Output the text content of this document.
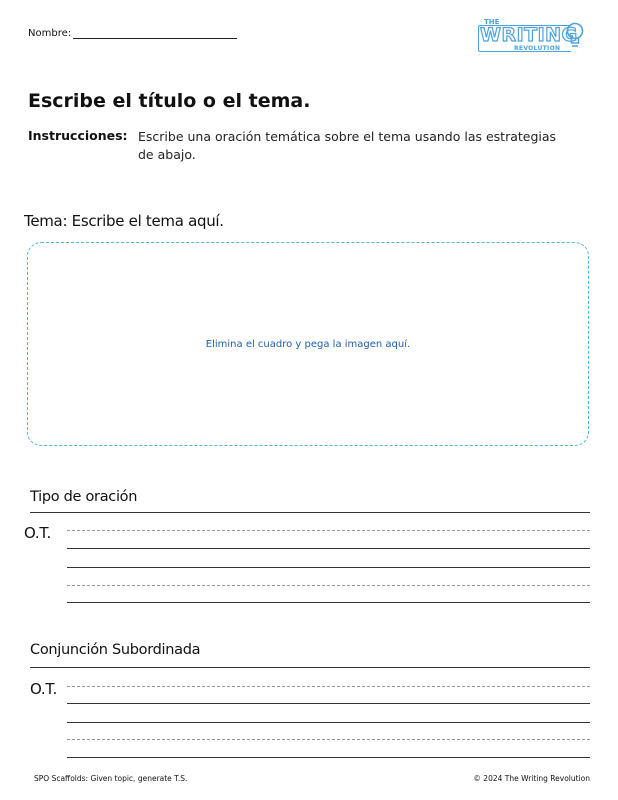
Nombre:
THE
WRITING
REVOLUTION
Escribe el título o el tema.
Instrucciones: Escribe una oración temática sobre el tema usando las estrategias de abajo.
Tema: Escribe el tema aquí.
Elimina el cuadro y pega la imagen aquí.
Tipo de oración
O.T.
Conjunción Subordinada
O.T.
SPO Scaffolds: Given topic, generate T.S.	© 2024 The Writing Revolution
